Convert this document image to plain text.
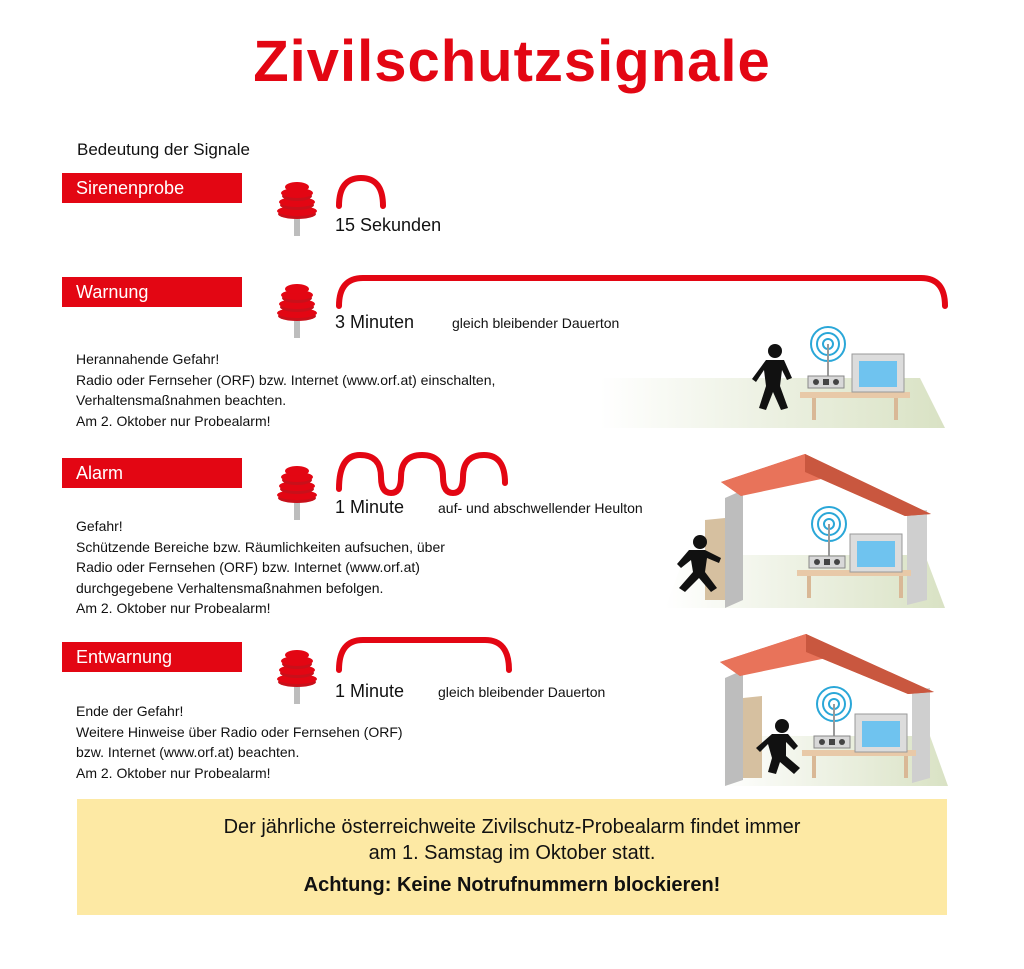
Zivilschutzsignale
Bedeutung der Signale
Sirenenprobe
15 Sekunden
Warnung
3 Minuten	gleich bleibender Dauerton
Herannahende Gefahr!
Radio oder Fernseher (ORF) bzw. Internet (www.orf.at) einschalten,
Verhaltensmaßnahmen beachten.
Am 2. Oktober nur Probealarm!
Alarm
1 Minute auf- und abschwellender Heulton
Gefahr!
Schützende Bereiche bzw. Räumlichkeiten aufsuchen, über
Radio oder Fernsehen (ORF) bzw. Internet (www.orf.at)
durchgegebene Verhaltensmaßnahmen befolgen.
Am 2. Oktober nur Probealarm!
Entwarnung
1 Minute gleich bleibender Dauerton
Ende der Gefahr!
Weitere Hinweise über Radio oder Fernsehen (ORF)
bzw. Internet (www.orf.at) beachten.
Am 2. Oktober nur Probealarm!
Der jährliche österreichweite Zivilschutz-Probealarm findet immer
am 1. Samstag im Oktober statt.
Achtung: Keine Notrufnummern blockieren!
